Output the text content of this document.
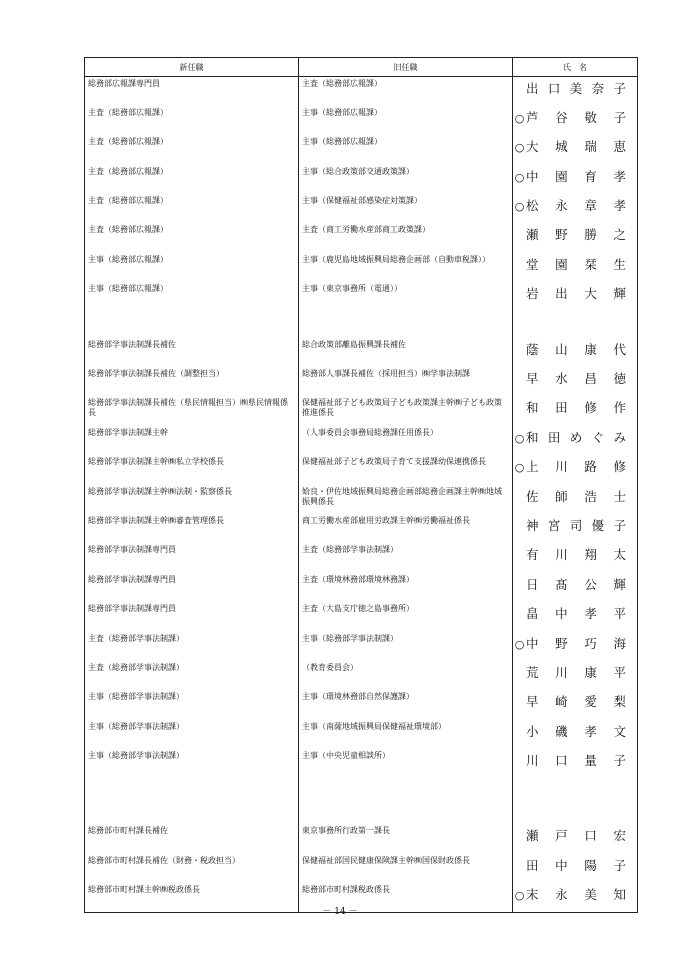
新任職	旧任職	氏　名
総務部広報課専門員	主査（総務部広報課）	出口美奈子
主査（総務部広報課）	主事（総務部広報課）	○ 芦谷敬子
主査（総務部広報課）	主事（総務部広報課）	○ 大城瑞恵
主査（総務部広報課）	主事（総合政策部交通政策課）	○ 中園育孝
主査（総務部広報課）	主事（保健福祉部感染症対策課）	○ 松永章孝
主査（総務部広報課）	主査（商工労働水産部商工政策課）	瀬野勝之
主事（総務部広報課）	主事（鹿児島地域振興局総務企画部（自動車税課））	堂園栞生
主事（総務部広報課）	主事（東京事務所（電通））	岩出大輝

総務部学事法制課長補佐	総合政策部離島振興課長補佐	蔭山康代
総務部学事法制課長補佐（調整担当）	総務部人事課長補佐（採用担当）㈱学事法制課	早水昌徳
総務部学事法制課長補佐（県民情報担当）㈱県民情報係長	保健福祉部子ども政策局子ども政策課主幹㈱子ども政策推進係長	和田修作
総務部学事法制課主幹	（人事委員会事務局総務課任用係長）	○ 和田めぐみ
総務部学事法制課主幹㈱私立学校係長	保健福祉部子ども政策局子育て支援課幼保連携係長	○ 上川路修
総務部学事法制課主幹㈱法制・監察係長	姶良・伊佐地域振興局総務企画部総務企画課主幹㈱地域振興係長	佐師浩士
総務部学事法制課主幹㈱審査管理係長	商工労働水産部雇用労政課主幹㈱労働福祉係長	神宮司優子
総務部学事法制課専門員	主査（総務部学事法制課）	有川翔太
総務部学事法制課専門員	主査（環境林務部環境林務課）	日髙公輝
総務部学事法制課専門員	主査（大島支庁徳之島事務所）	畠中孝平
主査（総務部学事法制課）	主事（総務部学事法制課）	○ 中野巧海
主査（総務部学事法制課）	（教育委員会）	荒川康平
主事（総務部学事法制課）	主事（環境林務部自然保護課）	早崎愛梨
主事（総務部学事法制課）	主事（南薩地域振興局保健福祉環境部）	小磯孝文
主事（総務部学事法制課）	主事（中央児童相談所）	川口量子

総務部市町村課長補佐	東京事務所行政第一課長	瀬戸口宏
総務部市町村課長補佐（財務・税政担当）	保健福祉部国民健康保険課主幹㈱国保財政係長	田中陽子
総務部市町村課主幹㈱税政係長	総務部市町村課税政係長	○ 末永美知
－ 14 －
